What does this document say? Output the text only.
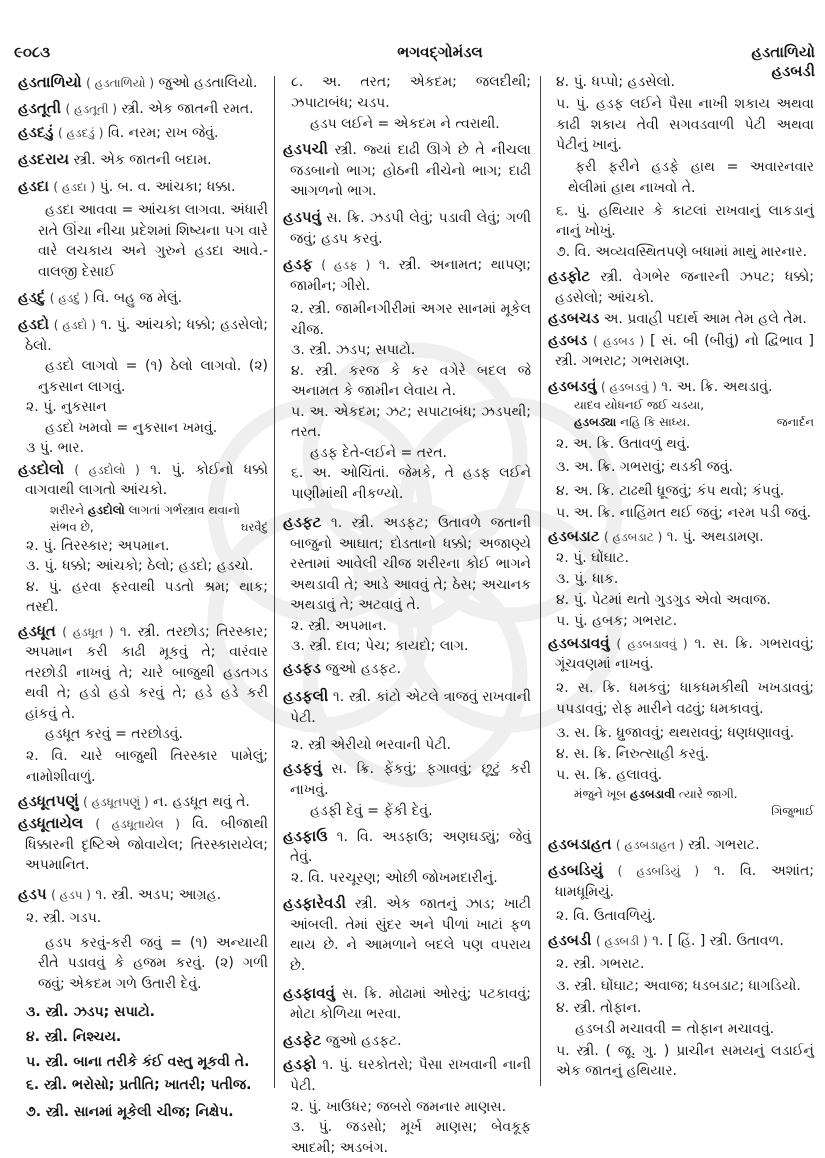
૯૦૮૩	ભગવદ્ગોમંડલ	હડતાળિયો
હડબડી

હડતાળિયો ( હડતાળિયો ) જુઓ હડતાલિયો.

હડતૂતી ( હડતૂતી ) સ્ત્રી. એક જાતની રમત.

હડદડું ( હડદડું ) વિ. નરમ; રાખ જેવું.

હડદરાય સ્ત્રી. એક જાતની બદામ.

હડદા ( હડદા ) પું. બ. વ. આંચકા; ધક્કા.

હડદા આવવા = આંચકા લાગવા. અંધારી રાતે ઊંચા નીચા પ્રદેશમાં શિષ્યના પગ વારે વારે લચકાય અને ગુરુને હડદા આવે.-વાલજી દેસાઈ

હડદું ( હડદું ) વિ. બહુ જ મેલું.

હડદો ( હડદો ) ૧. પું. આંચકો; ધક્કો; હડસેલો; ઠેલો.

હડદો લાગવો = (૧) ઠેલો લાગવો. (૨) નુકસાન લાગવું.

૨. પું. નુકસાન

હડદો ખમવો = નુકસાન ખમવું.

૩ પું. ભાર.

હડદોલો ( હડદોલો ) ૧. પું. કોઈનો ધક્કો વાગવાથી લાગતો આંચકો.

શરીરને હડદોલો લાગતાં ગર્ભસ્ત્રાવ થવાનો સંભવ છે,	ઘરવૈદું

૨. પું. તિરસ્કાર; અપમાન.

૩. પું. ધક્કો; આંચકો; ઠેલો; હડદો; હડચો.

૪. પું. હરવા ફરવાથી પડતો શ્રમ; થાક; તસ્દી.

હડધૂત ( હડધૂત ) ૧. સ્ત્રી. તરછોડ; તિરસ્કાર; અપમાન કરી કાઢી મૂકવું તે; વારંવાર તરછોડી નાખવું તે; ચારે બાજુથી હડતગડ થવી તે; હડો હડો કરવું તે; હડે હડે કરી હાંકવું તે.

હડધૂત કરવું = તરછોડવું.

૨. વિ. ચારે બાજુથી તિરસ્કાર પામેલું; નામોશીવાળું.

હડધૂતપણું ( હડધૂતપણું ) ન. હડધૂત થવું તે.

હડધૂતાયેલ ( હડધૂતાયેલ ) વિ. બીજાથી ધિક્કારની દૃષ્ટિએ જોવાયેલ; તિરસ્કારાયેલ; અપમાનિત.

હડપ ( હડપ ) ૧. સ્ત્રી. અડપ; આગ્રહ.

૨. સ્ત્રી. ગડપ.

હડપ કરવું-કરી જવું = (૧) અન્યાયી રીતે પડાવવું કે હજમ કરવું. (૨) ગળી જવું; એકદમ ગળે ઉતારી દેવું.

૩. સ્ત્રી. ઝડપ; સપાટો.

૪. સ્ત્રી. નિશ્ચય.

૫. સ્ત્રી. બાના તરીકે કંઈ વસ્તુ મૂકવી તે.

૬. સ્ત્રી. ભરોસો; પ્રતીતિ; ખાતરી; પતીજ.

૭. સ્ત્રી. સાનમાં મૂકેલી ચીજ; નિક્ષેપ.

૮. અ. તરત; એકદમ; જલદીથી; ઝપાટાબંધ; ચડપ.

હડપ લઈને = એકદમ ને ત્વરાથી.

હડપચી સ્ત્રી. જ્યાં દાઢી ઊગે છે તે નીચલા જડબાનો ભાગ; હોઠની નીચેનો ભાગ; દાઢી આગળનો ભાગ.

હડપવું સ. ક્રિ. ઝડપી લેવું; પડાવી લેવું; ગળી જવું; હડપ કરવું.

હડફ ( હડફ ) ૧. સ્ત્રી. અનામત; થાપણ; જામીન; ગીરો.

૨. સ્ત્રી. જામીનગીરીમાં અગર સાનમાં મૂકેલ ચીજ.

૩. સ્ત્રી. ઝડપ; સપાટો.

૪. સ્ત્રી. કરજ કે કર વગેરે બદલ જે અનામત કે જામીન લેવાય તે.

૫. અ. એકદમ; ઝટ; સપાટાબંધ; ઝડપથી; તરત.

હડફ દેતે-લઈને = તરત.

૬. અ. ઓચિંતાં. જેમકે, તે હડફ લઈને પાણીમાંથી નીકળ્યો.

હડફટ ૧. સ્ત્રી. અડફટ; ઉતાવળે જતાની બાજુનો આઘાત; દોડતાનો ધક્કો; અજાણ્યે રસ્તામાં આવેલી ચીજ શરીરના કોઈ ભાગને અથડાવી તે; આડે આવવું તે; ઠેસ; અચાનક અથડાવું તે; અટવાવું તે.

૨. સ્ત્રી. અપમાન.

૩. સ્ત્રી. દાવ; પેચ; કાયદો; લાગ.

હડફડ જુઓ હડફટ.

હડફલી ૧. સ્ત્રી. કાંટો એટલે ત્રાજવું રાખવાની પેટી.

૨. સ્ત્રી એરીયો ભરવાની પેટી.

હડફવું સ. ક્રિ. ફેંકવું; ફગાવવું; છૂટું કરી નાખવું.

હડફી દેવું = ફેંકી દેવું.

હડફાઉ ૧. વિ. અડફાઉ; અણઘડ્યું; જેવું તેવું.

૨. વિ. પરચૂરણ; ઓછી જોખમદારીનું.

હડફારેવડી સ્ત્રી. એક જાતનું ઝાડ; ખાટી આંબલી. તેમાં સુંદર અને પીળાં ખાટાં ફળ થાય છે. ને આમળાને બદલે પણ વપરાય છે.

હડફાવવું સ. ક્રિ. મોઢામાં ઓરવું; પટકાવવું; મોટા કોળિયા ભરવા.

હડફેટ જુઓ હડફટ.

હડફો ૧. પું. ઘરકોતરો; પૈસા રાખવાની નાની પેટી.

૨. પું. ખાઉધર; જબરો જમનાર માણસ.

૩. પું. જડસો; મૂર્ખ માણસ; બેવકૂફ આદમી; અડબંગ.

૪. પું. ધપ્પો; હડસેલો.

૫. પું. હડફ લઈને પૈસા નાખી શકાય અથવા કાઢી શકાય તેવી સગવડવાળી પેટી અથવા પેટીનું ખાનું.

ફરી ફરીને હડફે હાથ = અવારનવાર થેલીમાં હાથ નાખવો તે.

૬. પું. હથિયાર કે કાટલાં રાખવાનું લાકડાનું નાનું ખોખું.

૭. વિ. અવ્યવસ્થિતપણે બધામાં માથું મારનાર.

હડફોટ સ્ત્રી. વેગભેર જનારની ઝપટ; ધક્કો; હડસેલો; આંચકો.

હડબચડ અ. પ્રવાહી પદાર્થ આમ તેમ હલે તેમ.

હડબડ ( હડબડ ) [ સં. બી (બીવું) નો દ્વિભાવ ] સ્ત્રી. ગભરાટ; ગભરામણ.

હડબડવું ( હડબડવું ) ૧. અ. ક્રિ. અથડાવું.

યાદવ યોધનઈ જઈ ચડયા,
હડબડ્યા નહિ કિ સાધ્ય.	જનાર્દન

૨. અ. ક્રિ. ઉતાવળું થવું.

૩. અ. ક્રિ. ગભરાવું; થડકી જવું.

૪. અ. ક્રિ. ટાઢથી ધ્રૂજવું; કંપ થવો; કંપવું.

૫. અ. ક્રિ. નાહિંમત થઈ જવું; નરમ પડી જવું.

હડબડાટ ( હડબડાટ ) ૧. પું. અથડામણ.

૨. પું. ઘોંઘાટ.

૩. પું. ધાક.

૪. પું. પેટમાં થતો ગુડગુડ એવો અવાજ.

૫. પું. હબક; ગભરાટ.

હડબડાવવું ( હડબડાવવું ) ૧. સ. ક્રિ. ગભરાવવું; ગૂંચવણમાં નાખવું.

૨. સ. ક્રિ. ધમકવું; ધાકધમકીથી ખખડાવવું; પપડાવવું; રોફ મારીને વઢવું; ધમકાવવું.

૩. સ. ક્રિ. ધ્રુજાવવું; થથરાવવું; ધણધણાવવું.

૪. સ. ક્રિ. નિરુત્સાહી કરવું.

૫. સ. ક્રિ. હલાવવું.

મંજુને ખૂબ હડબડાવી ત્યારે જાગી.
ગિજુભાઈ

હડબડાહત ( હડબડાહત ) સ્ત્રી. ગભરાટ.

હડબડિયું ( હડબડિયું ) ૧. વિ. અશાંત; ધામધૂમિયું.

૨. વિ. ઉતાવળિયું.

હડબડી ( હડબડી ) ૧. [ હિં. ] સ્ત્રી. ઉતાવળ.

૨. સ્ત્રી. ગભરાટ.

૩. સ્ત્રી. ઘોંઘાટ; અવાજ; ધડબડાટ; ધાગડિયો.

૪. સ્ત્રી. તોફાન.

હડબડી મચાવવી = તોફાન મચાવવું.

૫. સ્ત્રી. ( જૂ. ગુ. ) પ્રાચીન સમયનું લડાઈનું એક જાતનું હથિયાર.
